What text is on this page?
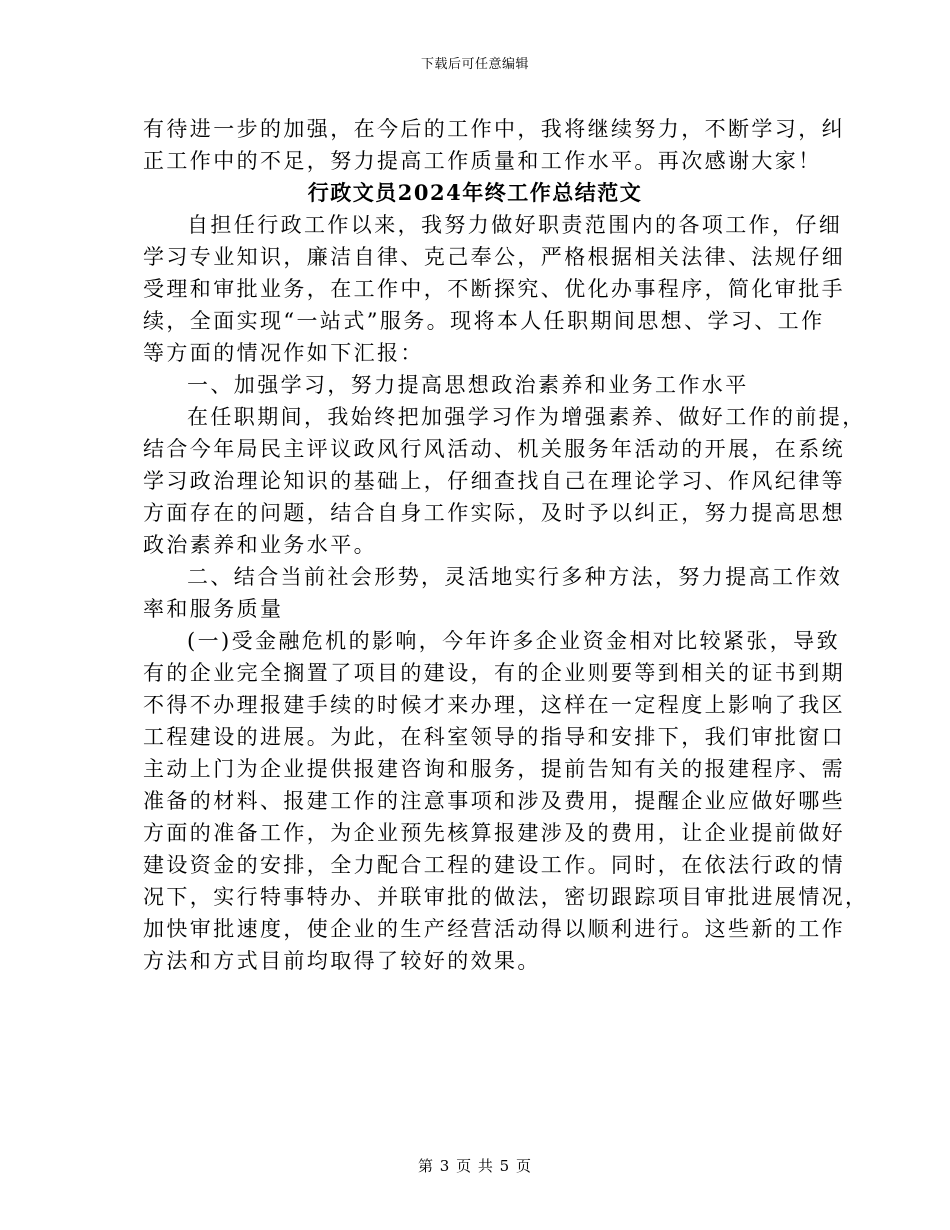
下载后可任意编辑
有待进一步的加强，在今后的工作中，我将继续努力，不断学习，纠
正工作中的不足，努力提高工作质量和工作水平。再次感谢大家！
行政文员2024年终工作总结范文
自担任行政工作以来，我努力做好职责范围内的各项工作，仔细
学习专业知识，廉洁自律、克己奉公，严格根据相关法律、法规仔细
受理和审批业务，在工作中，不断探究、优化办事程序，简化审批手
续，全面实现“一站式”服务。现将本人任职期间思想、学习、工作
等方面的情况作如下汇报：
一、加强学习，努力提高思想政治素养和业务工作水平
在任职期间，我始终把加强学习作为增强素养、做好工作的前提，
结合今年局民主评议政风行风活动、机关服务年活动的开展，在系统
学习政治理论知识的基础上，仔细查找自己在理论学习、作风纪律等
方面存在的问题，结合自身工作实际，及时予以纠正，努力提高思想
政治素养和业务水平。
二、结合当前社会形势，灵活地实行多种方法，努力提高工作效
率和服务质量
(一)受金融危机的影响，今年许多企业资金相对比较紧张，导致
有的企业完全搁置了项目的建设，有的企业则要等到相关的证书到期
不得不办理报建手续的时候才来办理，这样在一定程度上影响了我区
工程建设的进展。为此，在科室领导的指导和安排下，我们审批窗口
主动上门为企业提供报建咨询和服务，提前告知有关的报建程序、需
准备的材料、报建工作的注意事项和涉及费用，提醒企业应做好哪些
方面的准备工作，为企业预先核算报建涉及的费用，让企业提前做好
建设资金的安排，全力配合工程的建设工作。同时，在依法行政的情
况下，实行特事特办、并联审批的做法，密切跟踪项目审批进展情况，
加快审批速度，使企业的生产经营活动得以顺利进行。这些新的工作
方法和方式目前均取得了较好的效果。
第 3 页 共 5 页
